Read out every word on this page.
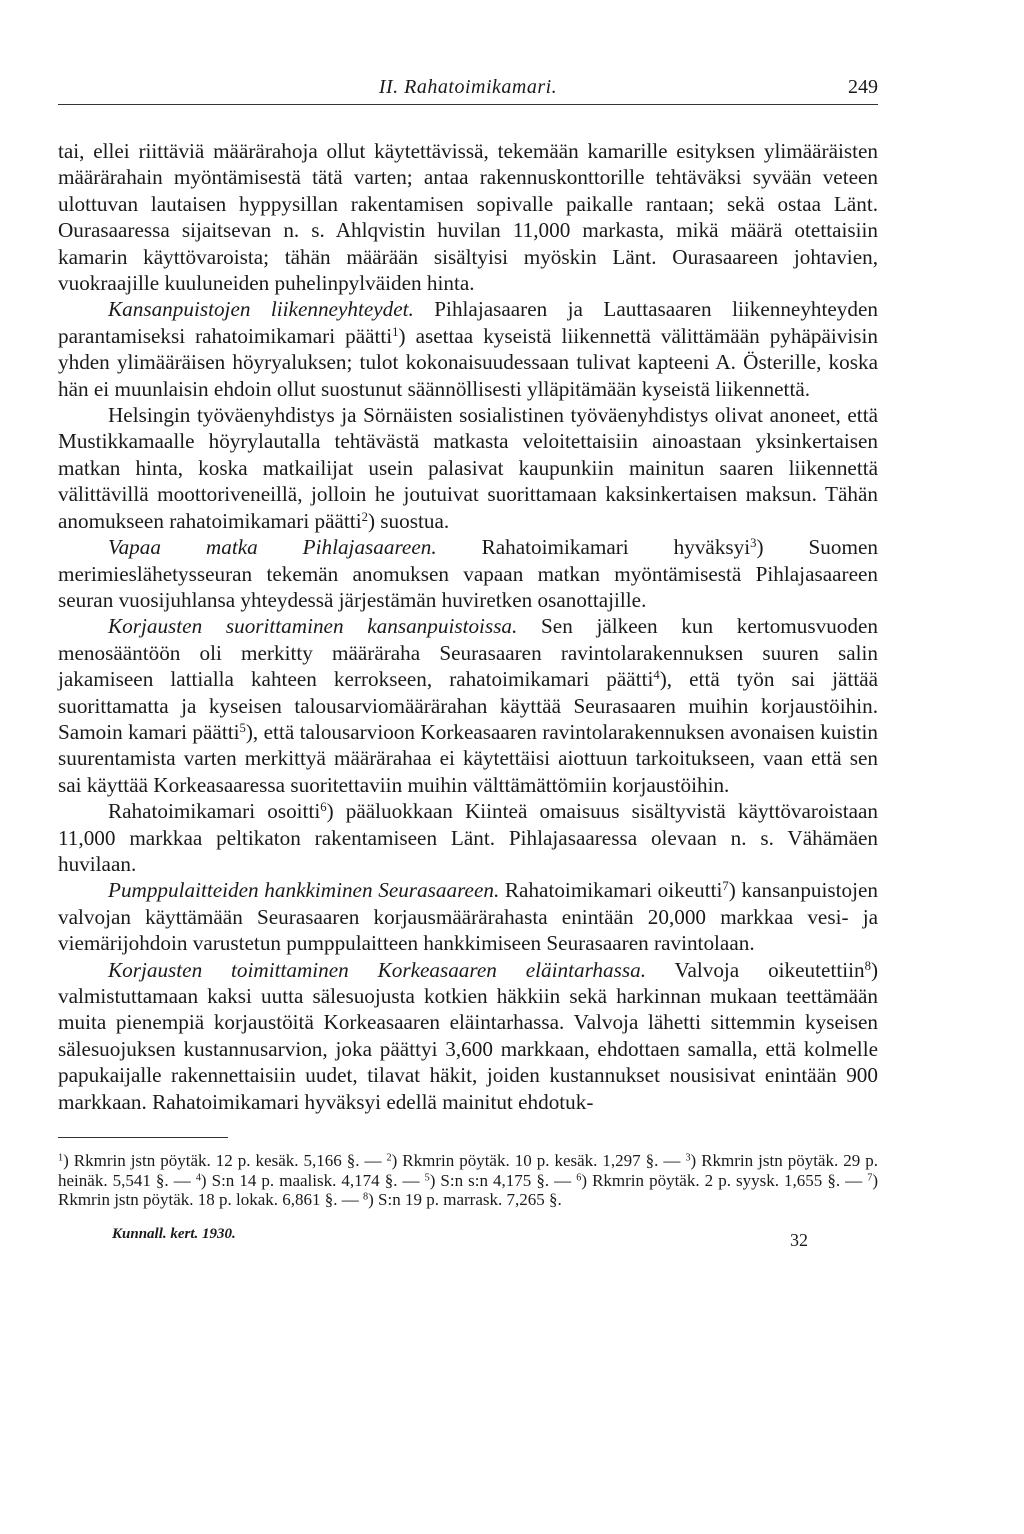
II. Rahatoimikamari.	249

tai, ellei riittäviä määrärahoja ollut käytettävissä, tekemään kamarille esityksen ylimääräisten määrärahain myöntämisestä tätä varten; antaa rakennuskonttorille tehtäväksi syvään veteen ulottuvan lautaisen hyppysillan rakentamisen sopivalle paikalle rantaan; sekä ostaa Länt. Ourasaaressa sijaitsevan n. s. Ahlqvistin huvilan 11,000 markasta, mikä määrä otettaisiin kamarin käyttövaroista; tähän määrään sisältyisi myöskin Länt. Ourasaareen johtavien, vuokraajille kuuluneiden puhelinpylväiden hinta.

Kansanpuistojen liikenneyhteydet. Pihlajasaaren ja Lauttasaaren liikenneyhteyden parantamiseksi rahatoimikamari päätti$^1$) asettaa kyseistä liikennettä välittämään pyhäpäivisin yhden ylimääräisen höyryaluksen; tulot kokonaisuudessaan tulivat kapteeni A. Österille, koska hän ei muunlaisin ehdoin ollut suostunut säännöllisesti ylläpitämään kyseistä liikennettä.

Helsingin työväenyhdistys ja Sörnäisten sosialistinen työväenyhdistys olivat anoneet, että Mustikkamaalle höyrylautalla tehtävästä matkasta veloitettaisiin ainoastaan yksinkertaisen matkan hinta, koska matkailijat usein palasivat kaupunkiin mainitun saaren liikennettä välittävillä moottoriveneillä, jolloin he joutuivat suorittamaan kaksinkertaisen maksun. Tähän anomukseen rahatoimikamari päätti$^2$) suostua.

Vapaa matka Pihlajasaareen. Rahatoimikamari hyväksyi$^3$) Suomen merimieslähetysseuran tekemän anomuksen vapaan matkan myöntämisestä Pihlajasaareen seuran vuosijuhlansa yhteydessä järjestämän huviretken osanottajille.

Korjausten suorittaminen kansanpuistoissa. Sen jälkeen kun kertomusvuoden menosääntöön oli merkitty määräraha Seurasaaren ravintolarakennuksen suuren salin jakamiseen lattialla kahteen kerrokseen, rahatoimikamari päätti$^4$), että työn sai jättää suorittamatta ja kyseisen talousarviomäärärahan käyttää Seurasaaren muihin korjaustöihin. Samoin kamari päätti$^5$), että talousarvioon Korkeasaaren ravintolarakennuksen avonaisen kuistin suurentamista varten merkittyä määrärahaa ei käytettäisi aiottuun tarkoitukseen, vaan että sen sai käyttää Korkeasaaressa suoritettaviin muihin välttämättömiin korjaustöihin.

Rahatoimikamari osoitti$^6$) pääluokkaan Kiinteä omaisuus sisältyvistä käyttövaroistaan 11,000 markkaa peltikaton rakentamiseen Länt. Pihlajasaaressa olevaan n. s. Vähämäen huvilaan.

Pumppulaitteiden hankkiminen Seurasaareen. Rahatoimikamari oikeutti$^7$) kansanpuistojen valvojan käyttämään Seurasaaren korjausmäärärahasta enintään 20,000 markkaa vesi- ja viemärijohdoin varustetun pumppulaitteen hankkimiseen Seurasaaren ravintolaan.

Korjausten toimittaminen Korkeasaaren eläintarhassa. Valvoja oikeutettiin$^8$) valmistuttamaan kaksi uutta sälesuojusta kotkien häkkiin sekä harkinnan mukaan teettämään muita pienempiä korjaustöitä Korkeasaaren eläintarhassa. Valvoja lähetti sittemmin kyseisen sälesuojuksen kustannusarvion, joka päättyi 3,600 markkaan, ehdottaen samalla, että kolmelle papukaijalle rakennettaisiin uudet, tilavat häkit, joiden kustannukset nousisivat enintään 900 markkaan. Rahatoimikamari hyväksyi edellä mainitut ehdotuk-

$^1$) Rkmrin jstn pöytäk. 12 p. kesäk. 5,166 §. — $^2$) Rkmrin pöytäk. 10 p. kesäk. 1,297 §. — $^3$) Rkmrin jstn pöytäk. 29 p. heinäk. 5,541 §. — $^4$) S:n 14 p. maalisk. 4,174 §. — $^5$) S:n s:n 4,175 §. — $^6$) Rkmrin pöytäk. 2 p. syysk. 1,655 §. — $^7$) Rkmrin jstn pöytäk. 18 p. lokak. 6,861 §. — $^8$) S:n 19 p. marrask. 7,265 §.

Kunnall. kert. 1930.	32
